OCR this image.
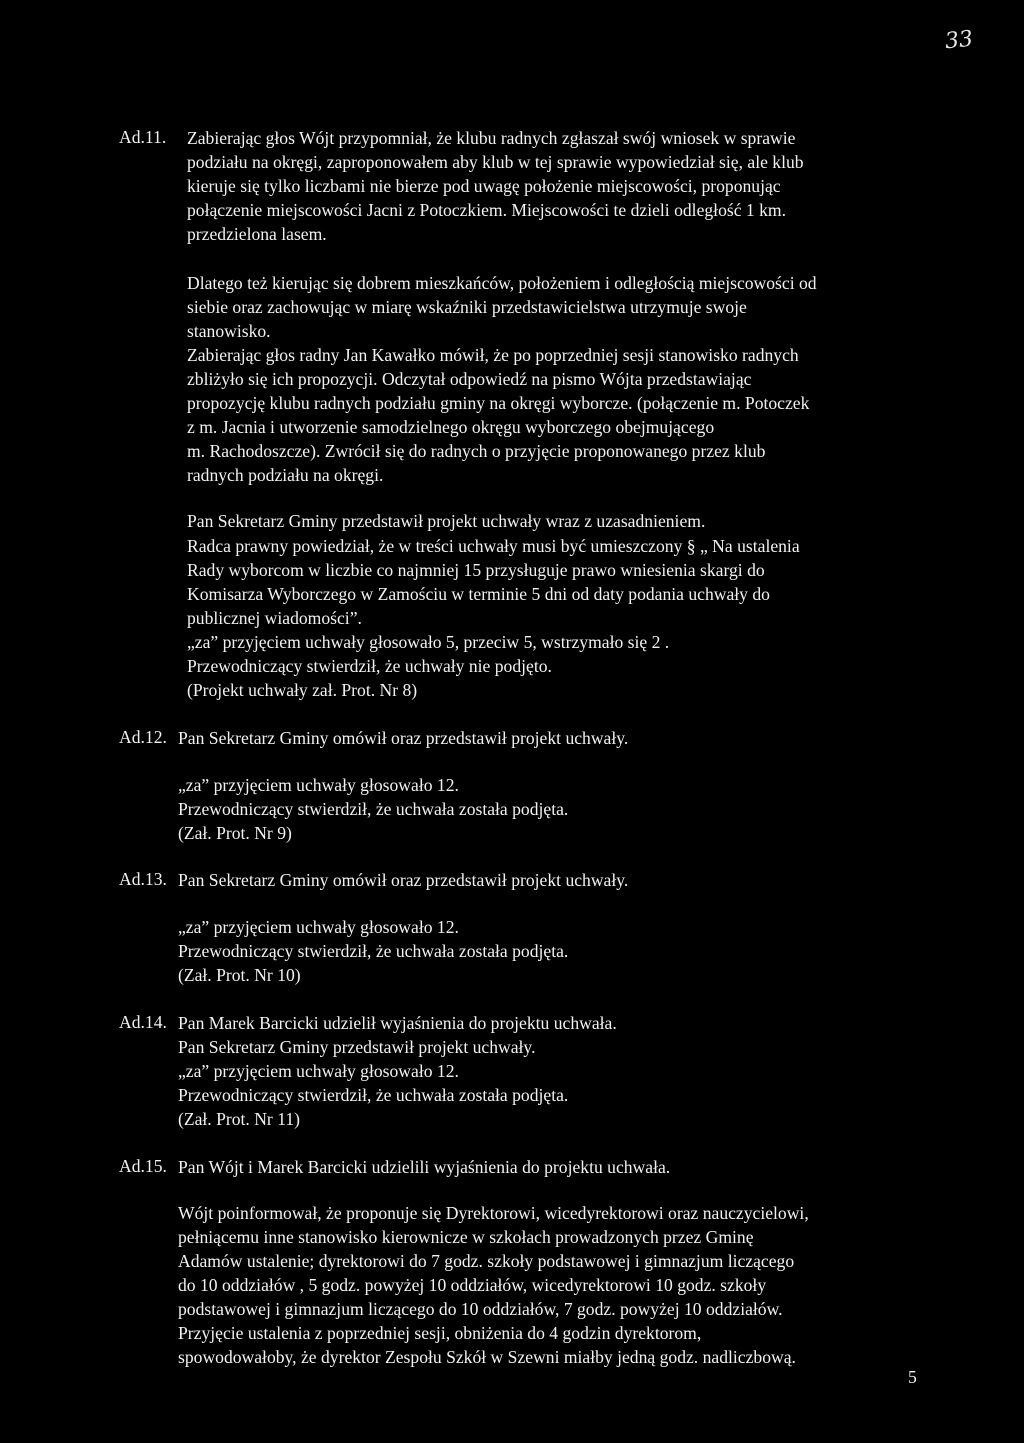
33
Ad.11. Zabierając głos Wójt przypomniał, że klubu radnych zgłaszał swój wniosek w sprawie
podziału na okręgi, zaproponowałem aby klub w tej sprawie wypowiedział się, ale klub
kieruje się tylko liczbami nie bierze pod uwagę położenie miejscowości, proponując
połączenie miejscowości Jacni z Potoczkiem. Miejscowości te dzieli odległość 1 km.
przedzielona lasem.
Dlatego też kierując się dobrem mieszkańców, położeniem i odległością miejscowości od
siebie oraz zachowując w miarę wskaźniki przedstawicielstwa utrzymuje swoje
stanowisko.
Zabierając głos radny Jan Kawałko mówił, że po poprzedniej sesji stanowisko radnych
zbliżyło się ich propozycji. Odczytał odpowiedź na pismo Wójta przedstawiając
propozycję klubu radnych podziału gminy na okręgi wyborcze. (połączenie m. Potoczek
z m. Jacnia i utworzenie samodzielnego okręgu wyborczego obejmującego
m. Rachodoszcze). Zwrócił się do radnych o przyjęcie proponowanego przez klub
radnych podziału na okręgi.
Pan Sekretarz Gminy przedstawił projekt uchwały wraz z uzasadnieniem.
Radca prawny powiedział, że w treści uchwały musi być umieszczony § „ Na ustalenia
Rady wyborcom w liczbie co najmniej 15 przysługuje prawo wniesienia skargi do
Komisarza Wyborczego w Zamościu w terminie 5 dni od daty podania uchwały do
publicznej wiadomości”.
„za” przyjęciem uchwały głosowało 5, przeciw 5, wstrzymało się 2 .
Przewodniczący stwierdził, że uchwały nie podjęto.
(Projekt uchwały zał. Prot. Nr 8)
Ad.12. Pan Sekretarz Gminy omówił oraz przedstawił projekt uchwały.
„za” przyjęciem uchwały głosowało 12.
Przewodniczący stwierdził, że uchwała została podjęta.
(Zał. Prot. Nr 9)
Ad.13. Pan Sekretarz Gminy omówił oraz przedstawił projekt uchwały.
„za” przyjęciem uchwały głosowało 12.
Przewodniczący stwierdził, że uchwała została podjęta.
(Zał. Prot. Nr 10)
Ad.14. Pan Marek Barcicki udzielił wyjaśnienia do projektu uchwała.
Pan Sekretarz Gminy przedstawił projekt uchwały.
„za” przyjęciem uchwały głosowało 12.
Przewodniczący stwierdził, że uchwała została podjęta.
(Zał. Prot. Nr 11)
Ad.15. Pan Wójt i Marek Barcicki udzielili wyjaśnienia do projektu uchwała.
Wójt poinformował, że proponuje się Dyrektorowi, wicedyrektorowi oraz nauczycielowi,
pełniącemu inne stanowisko kierownicze w szkołach prowadzonych przez Gminę
Adamów ustalenie; dyrektorowi do 7 godz. szkoły podstawowej i gimnazjum liczącego
do 10 oddziałów , 5 godz. powyżej 10 oddziałów, wicedyrektorowi 10 godz. szkoły
podstawowej i gimnazjum liczącego do 10 oddziałów, 7 godz. powyżej 10 oddziałów.
Przyjęcie ustalenia z poprzedniej sesji, obniżenia do 4 godzin dyrektorom,
spowodowałoby, że dyrektor Zespołu Szkół w Szewni miałby jedną godz. nadliczbową.
5
